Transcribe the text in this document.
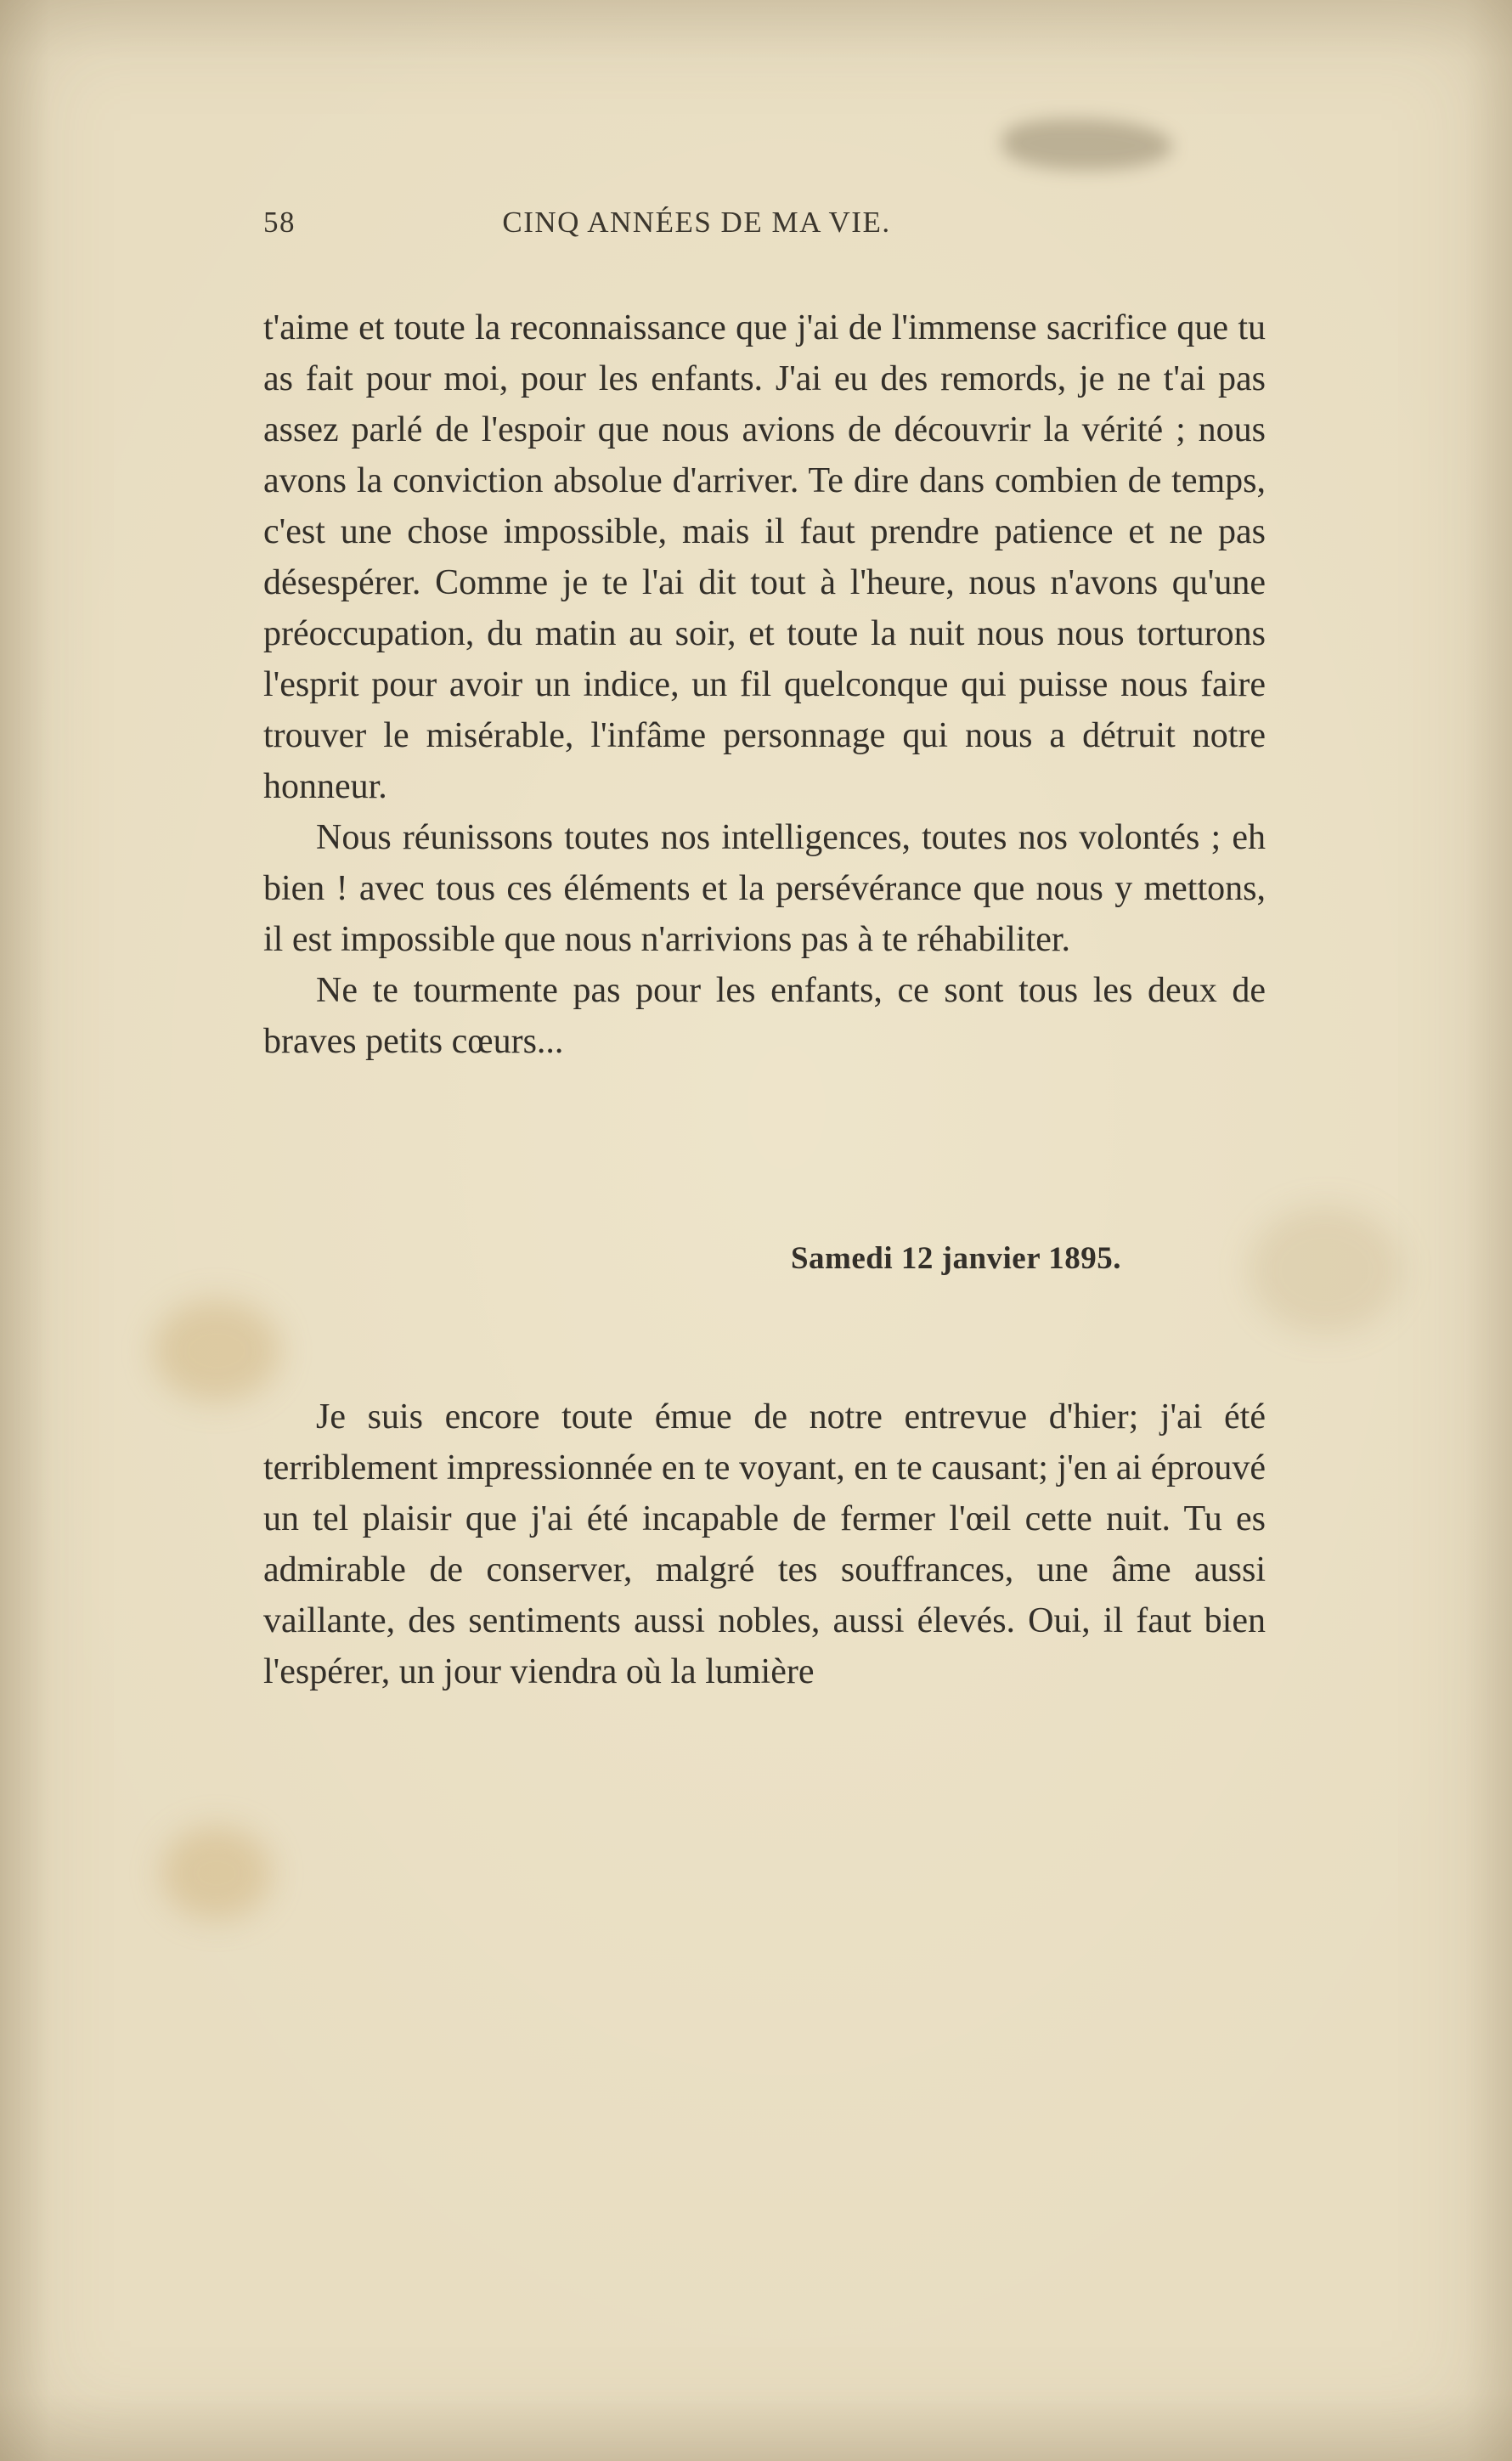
58	CINQ ANNÉES DE MA VIE.

t'aime et toute la reconnaissance que j'ai de l'immense sacrifice que tu as fait pour moi, pour les enfants. J'ai eu des remords, je ne t'ai pas assez parlé de l'espoir que nous avions de découvrir la vérité ; nous avons la conviction absolue d'arriver. Te dire dans combien de temps, c'est une chose impossible, mais il faut prendre patience et ne pas désespérer. Comme je te l'ai dit tout à l'heure, nous n'avons qu'une préoccupation, du matin au soir, et toute la nuit nous nous torturons l'esprit pour avoir un indice, un fil quelconque qui puisse nous faire trouver le misérable, l'infâme personnage qui nous a détruit notre honneur.

Nous réunissons toutes nos intelligences, toutes nos volontés ; eh bien ! avec tous ces éléments et la persévérance que nous y mettons, il est impossible que nous n'arrivions pas à te réhabiliter.

Ne te tourmente pas pour les enfants, ce sont tous les deux de braves petits cœurs...

Samedi 12 janvier 1895.

Je suis encore toute émue de notre entrevue d'hier; j'ai été terriblement impressionnée en te voyant, en te causant; j'en ai éprouvé un tel plaisir que j'ai été incapable de fermer l'œil cette nuit. Tu es admirable de conserver, malgré tes souffrances, une âme aussi vaillante, des sentiments aussi nobles, aussi élevés. Oui, il faut bien l'espérer, un jour viendra où la lumière
